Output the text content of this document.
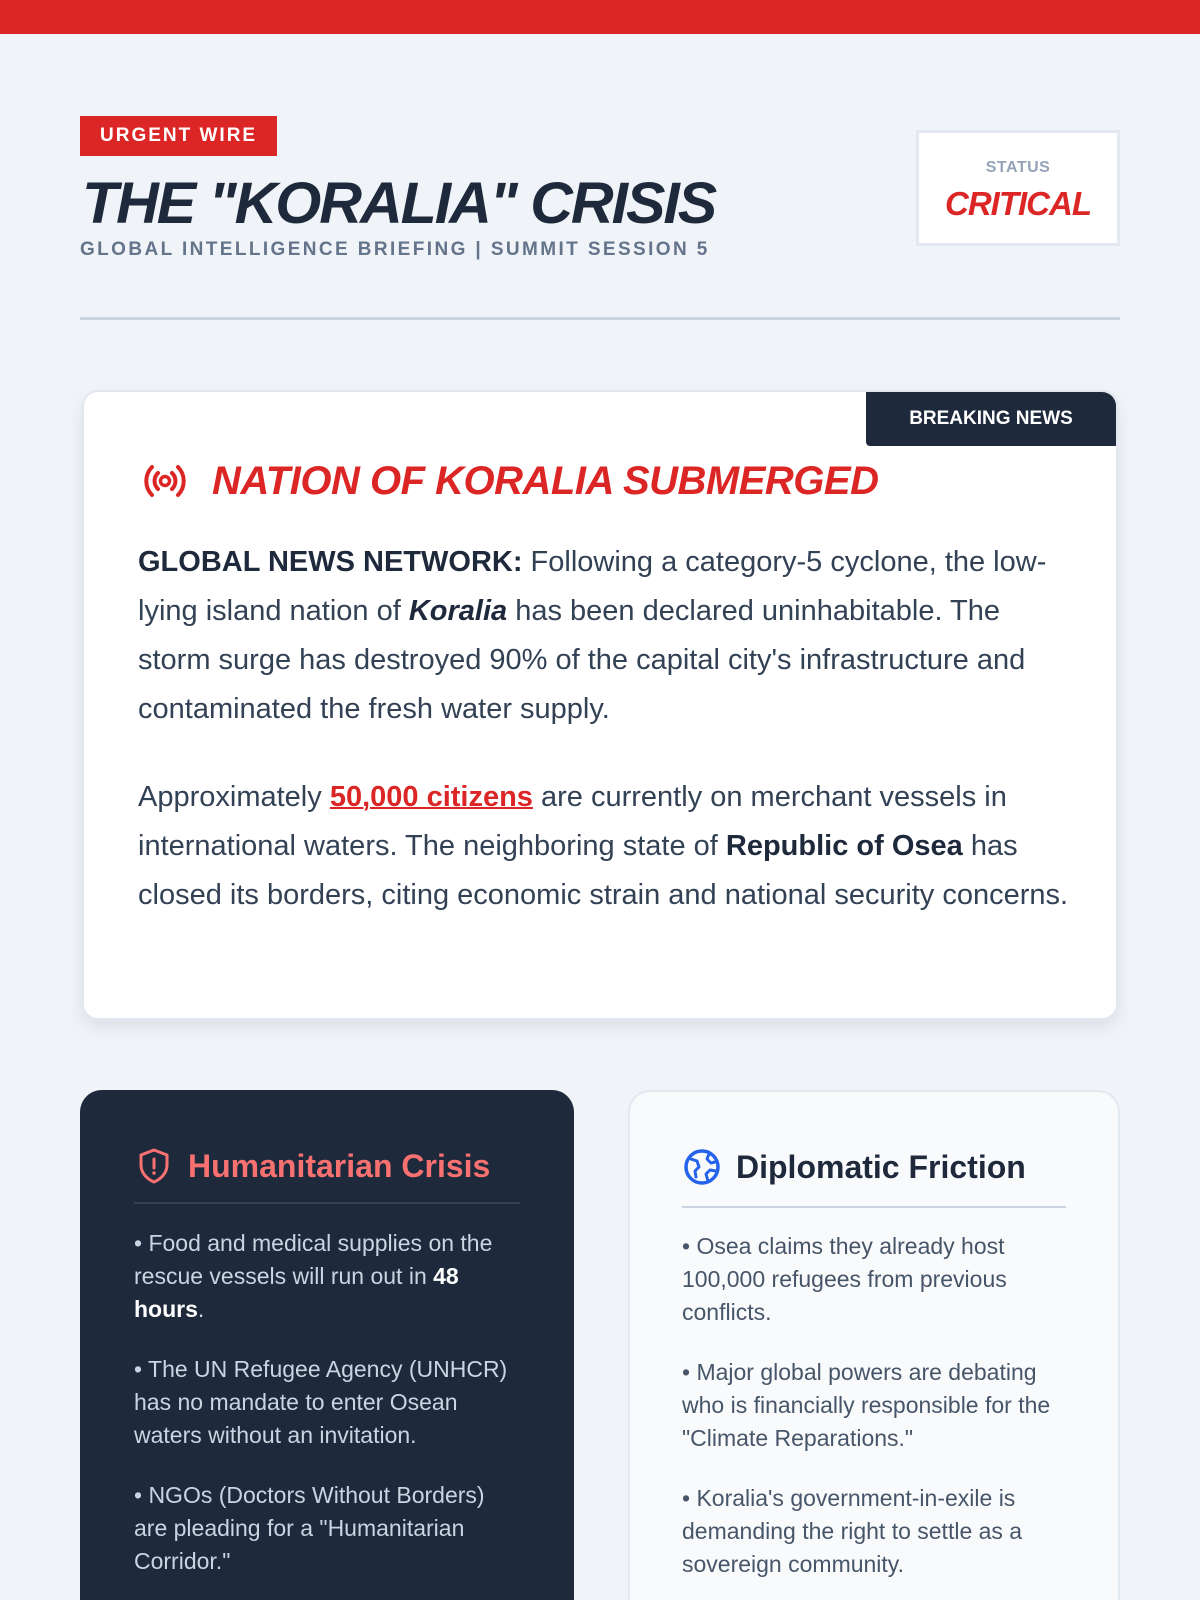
URGENT WIRE
THE "KORALIA" CRISIS
GLOBAL INTELLIGENCE BRIEFING | SUMMIT SESSION 5
STATUS
CRITICAL
BREAKING NEWS
NATION OF KORALIA SUBMERGED

GLOBAL NEWS NETWORK: Following a category-5 cyclone, the low-lying island nation of Koralia has been declared uninhabitable. The storm surge has destroyed 90% of the capital city's infrastructure and contaminated the fresh water supply.

Approximately 50,000 citizens are currently on merchant vessels in international waters. The neighboring state of Republic of Osea has closed its borders, citing economic strain and national security concerns.

Humanitarian Crisis

• Food and medical supplies on the rescue vessels will run out in 48 hours.

• The UN Refugee Agency (UNHCR) has no mandate to enter Osean waters without an invitation.

• NGOs (Doctors Without Borders) are pleading for a "Humanitarian Corridor."

Diplomatic Friction

• Osea claims they already host 100,000 refugees from previous conflicts.

• Major global powers are debating who is financially responsible for the "Climate Reparations."

• Koralia's government-in-exile is demanding the right to settle as a sovereign community.
